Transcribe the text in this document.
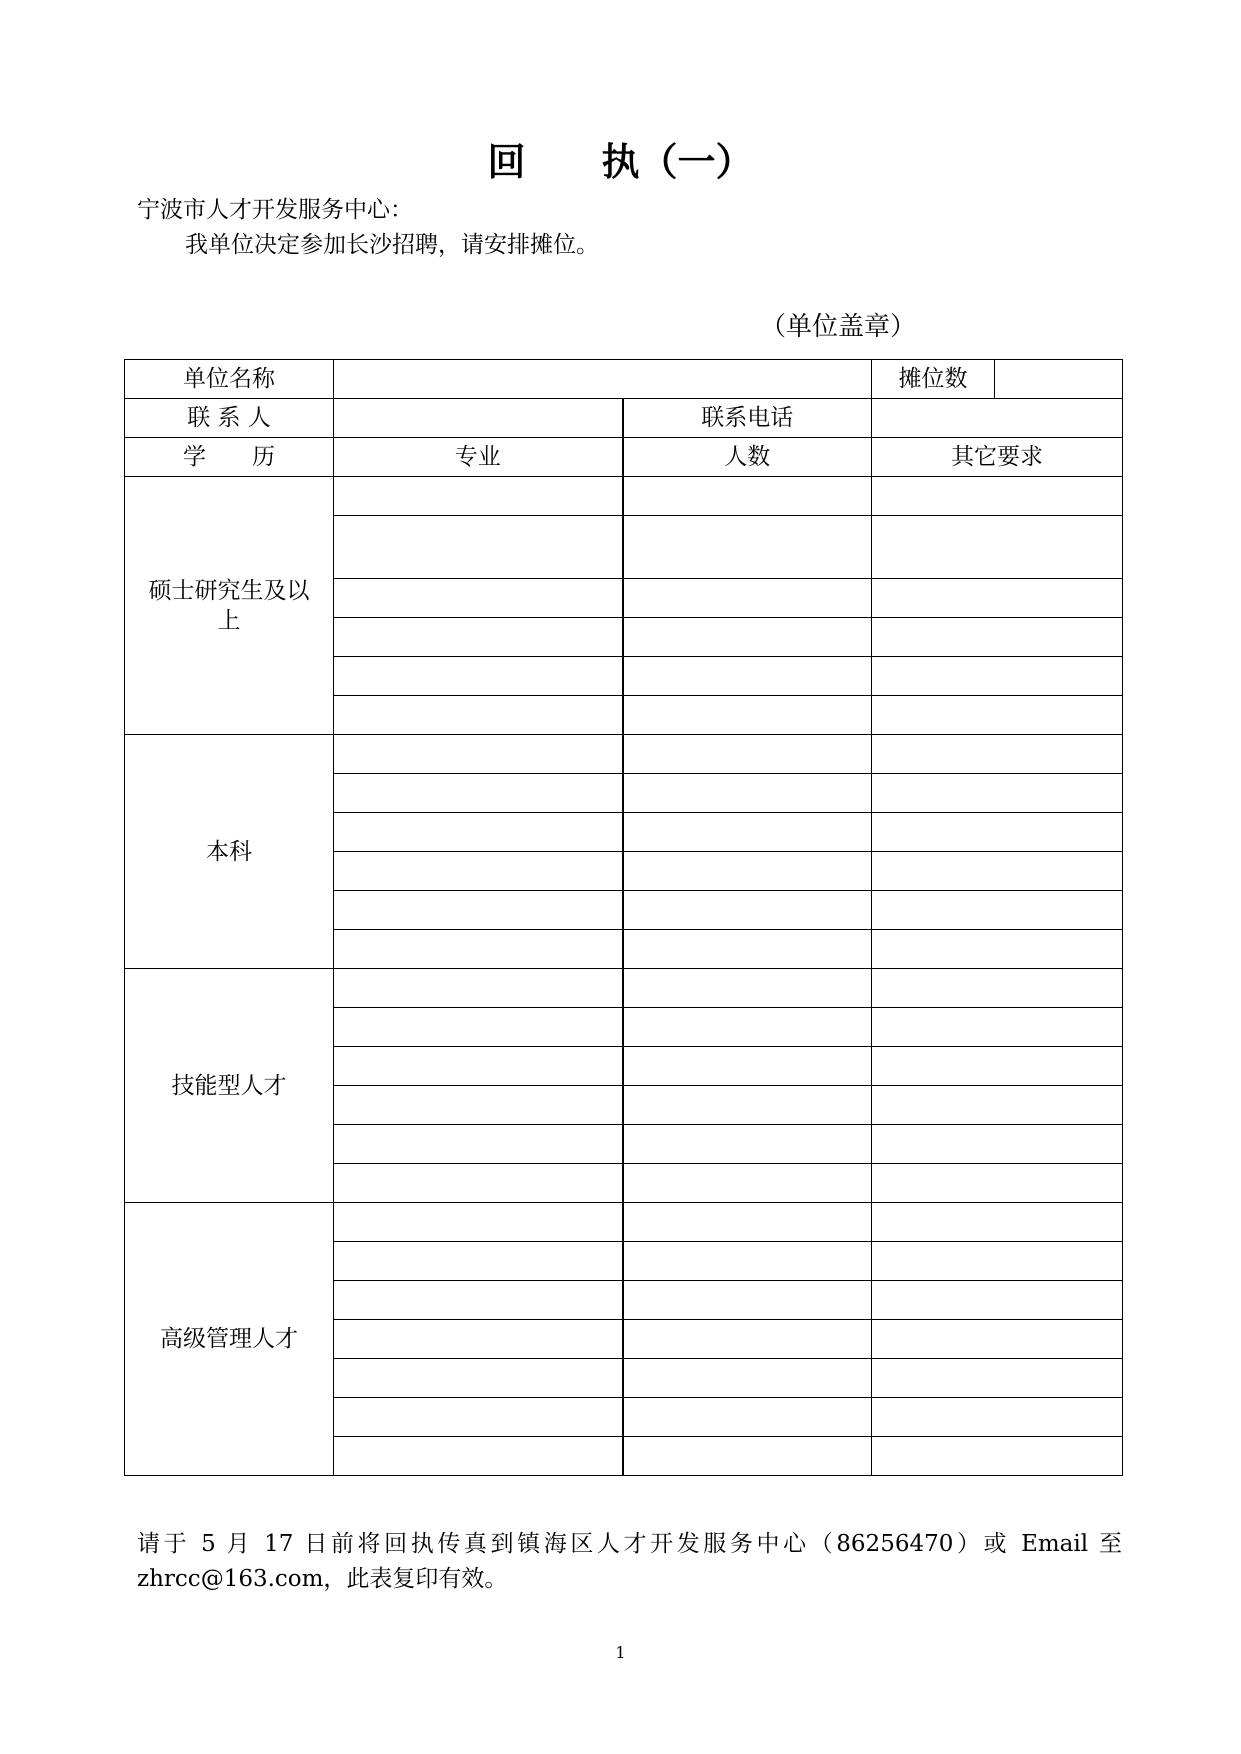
回　　执（一）
宁波市人才开发服务中心：
我单位决定参加长沙招聘，请安排摊位。
（单位盖章）
单位名称			摊位数	
联 系 人		联系电话		
学　　历	专业	人数	其它要求	
硕士研究生及以上				

本科				

技能型人才				

高级管理人才				

请于 5 月 17 日前将回执传真到镇海区人才开发服务中心（86256470）或 Email 至 zhrcc@163.com，此表复印有效。
1
